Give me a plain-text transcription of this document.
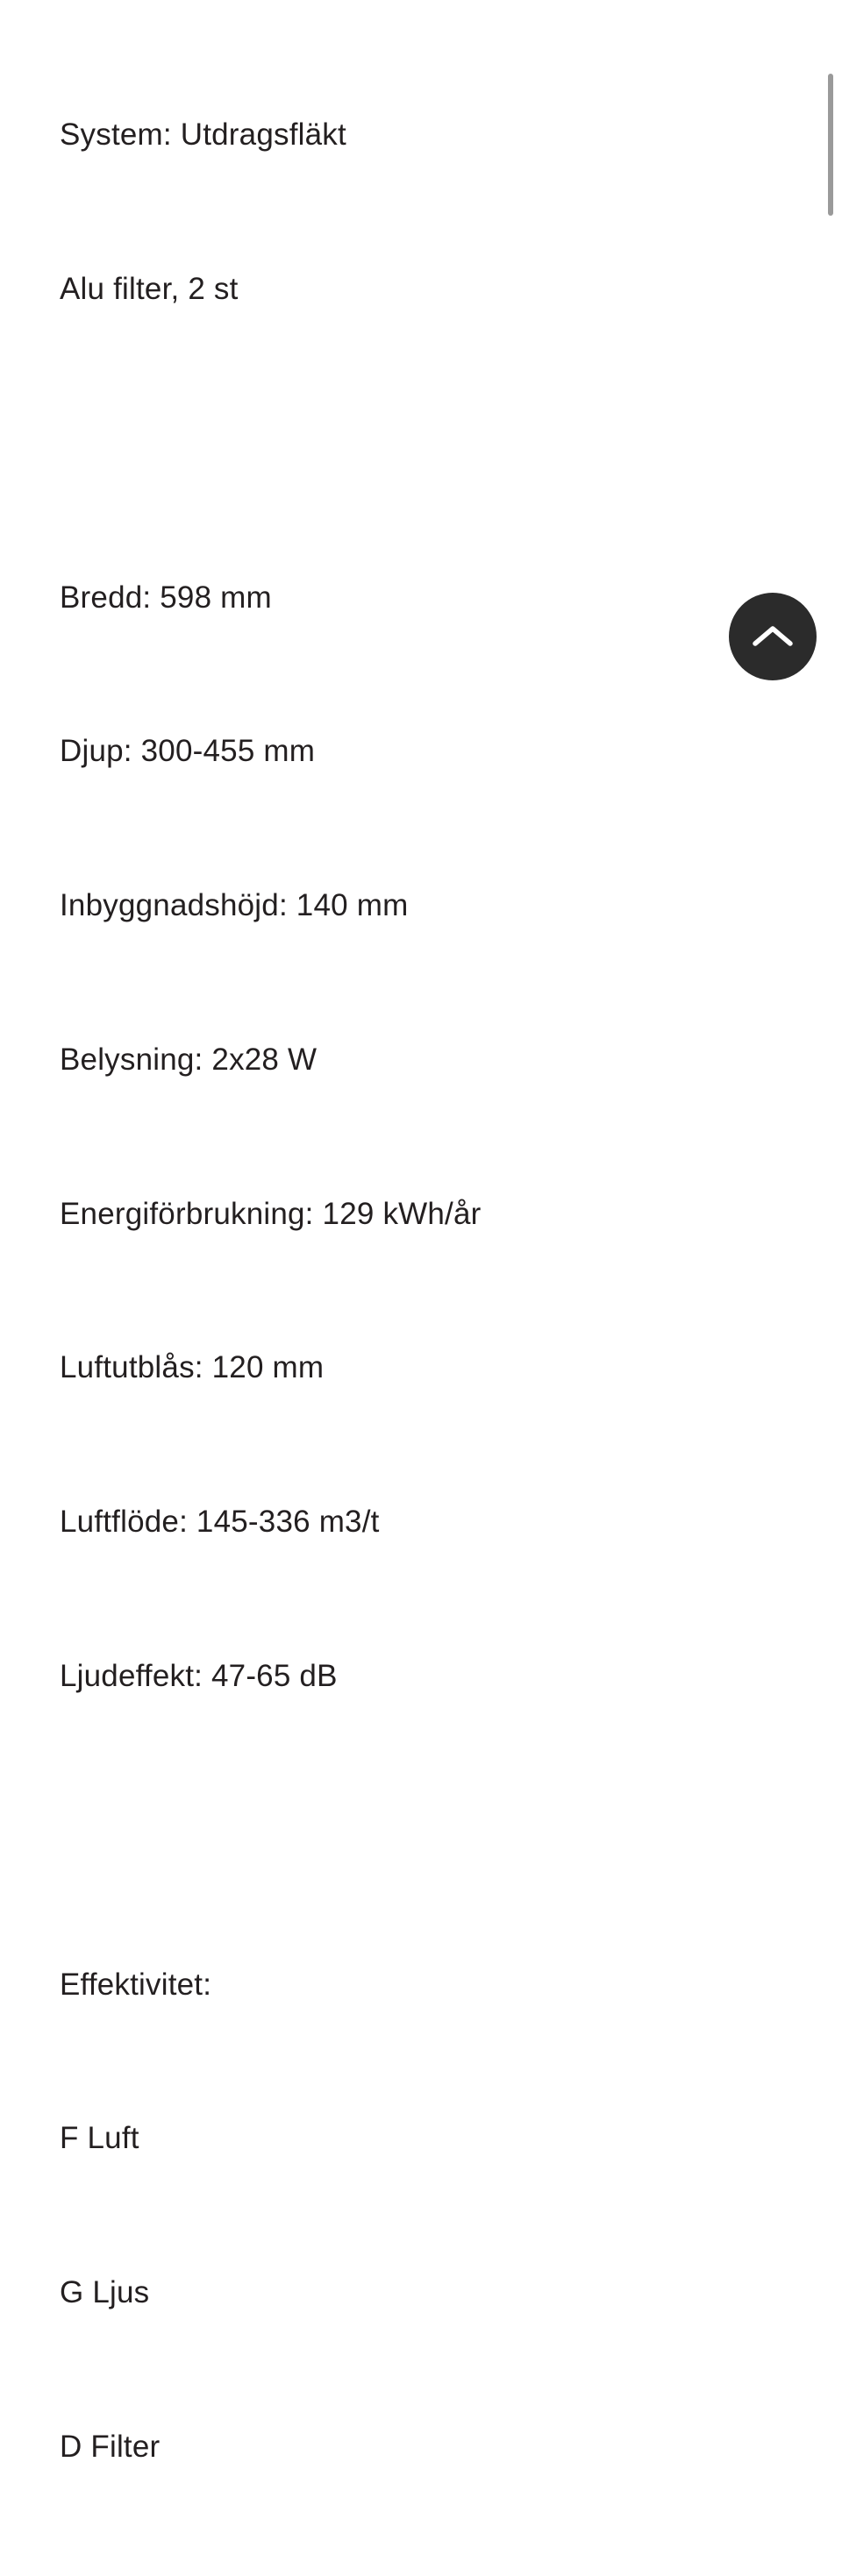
System: Utdragsfläkt

Alu filter, 2 st

Bredd: 598 mm

Djup: 300-455 mm

Inbyggnadshöjd: 140 mm

Belysning: 2x28 W

Energiförbrukning: 129 kWh/år

Luftutblås: 120 mm

Luftflöde: 145-336 m3/t

Ljudeffekt: 47-65 dB

Effektivitet:

F Luft

G Ljus

D Filter
